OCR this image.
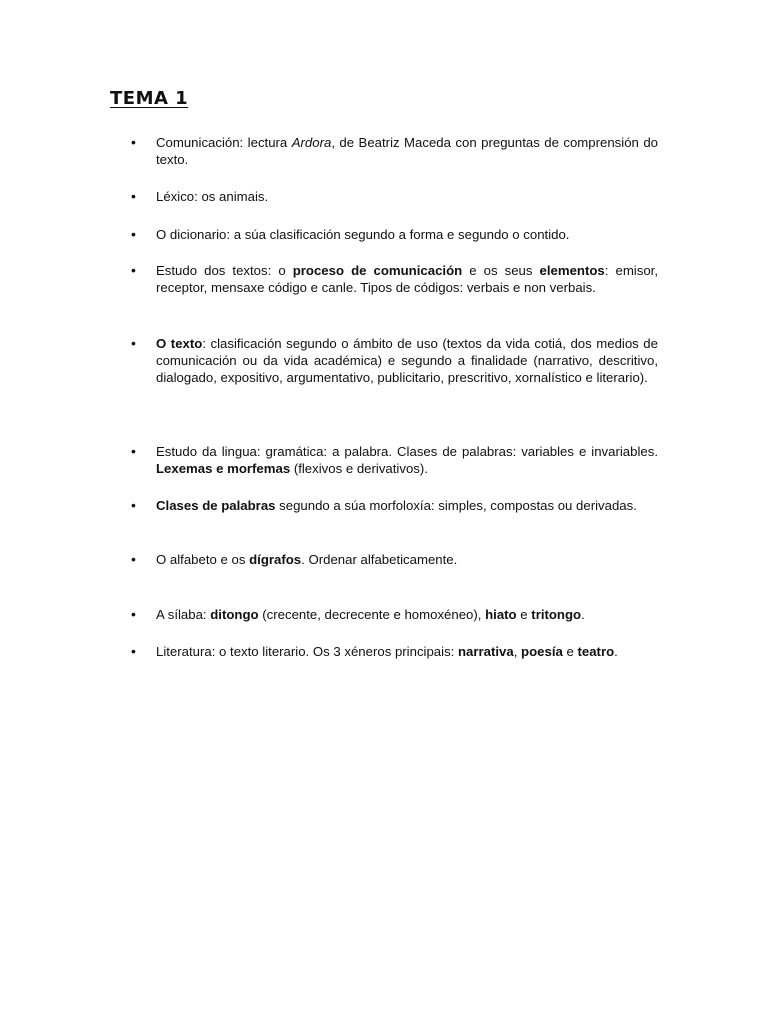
TEMA 1
• Comunicación: lectura Ardora, de Beatriz Maceda con preguntas de comprensión do texto.

• Léxico: os animais.

• O dicionario: a súa clasificación segundo a forma e segundo o contido.

• Estudo dos textos: o proceso de comunicación e os seus elementos: emisor, receptor, mensaxe código e canle. Tipos de códigos: verbais e non verbais.

• O texto: clasificación segundo o ámbito de uso (textos da vida cotiá, dos medios de comunicación ou da vida académica) e segundo a finalidade (narrativo, descritivo, dialogado, expositivo, argumentativo, publicitario, prescritivo, xornalístico e literario).

• Estudo da lingua: gramática: a palabra. Clases de palabras: variables e invariables. Lexemas e morfemas (flexivos e derivativos).

• Clases de palabras segundo a súa morfoloxía: simples, compostas ou derivadas.

• O alfabeto e os dígrafos. Ordenar alfabeticamente.

• A sílaba: ditongo (crecente, decrecente e homoxéneo), hiato e tritongo.

• Literatura: o texto literario. Os 3 xéneros principais: narrativa, poesía e teatro.
